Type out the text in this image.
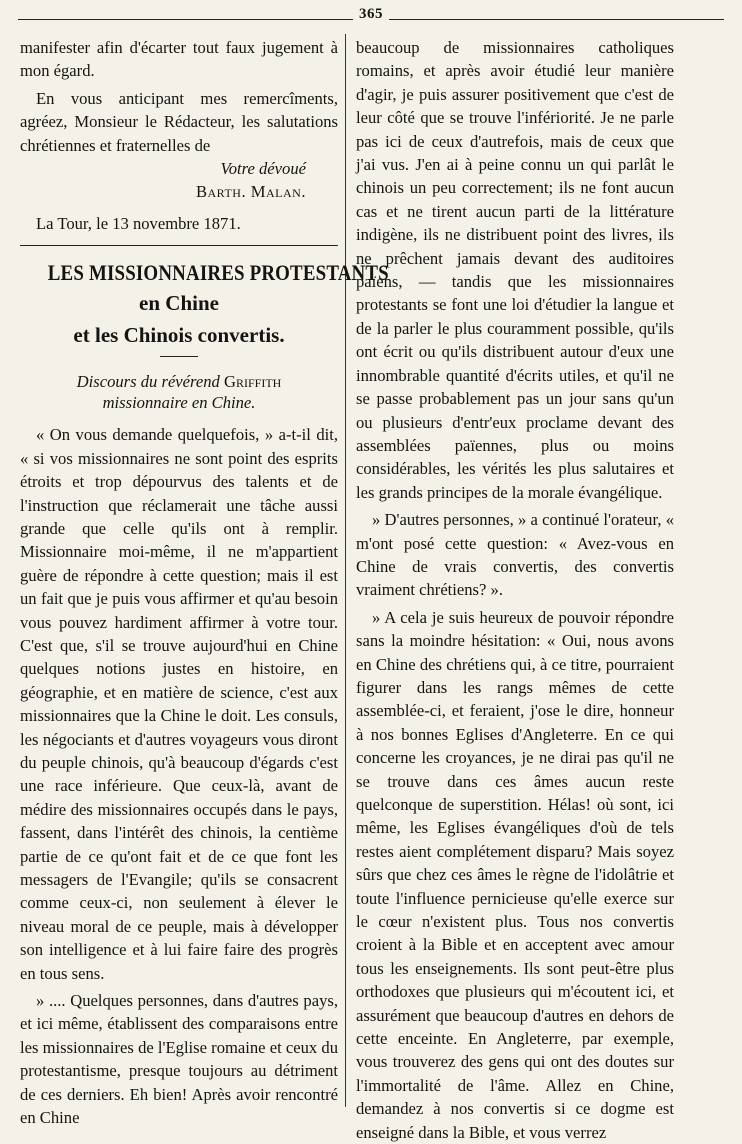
365

manifester afin d'écarter tout faux jugement à mon égard.

En vous anticipant mes remercîments, agréez, Monsieur le Rédacteur, les salutations chrétiennes et fraternelles de

Votre dévoué
Barth. Malan.

La Tour, le 13 novembre 1871.

LES MISSIONNAIRES PROTESTANTS
en Chine
et les Chinois convertis.
Discours du révérend Griffith
missionnaire en Chine.

« On vous demande quelquefois, » a-t-il dit, « si vos missionnaires ne sont point des esprits étroits et trop dépourvus des talents et de l'instruction que réclamerait une tâche aussi grande que celle qu'ils ont à remplir. Missionnaire moi-même, il ne m'appartient guère de répondre à cette question; mais il est un fait que je puis vous affirmer et qu'au besoin vous pouvez hardiment affirmer à votre tour. C'est que, s'il se trouve aujourd'hui en Chine quelques notions justes en histoire, en géographie, et en matière de science, c'est aux missionnaires que la Chine le doit. Les consuls, les négociants et d'autres voyageurs vous diront du peuple chinois, qu'à beaucoup d'égards c'est une race inférieure. Que ceux-là, avant de médire des missionnaires occupés dans le pays, fassent, dans l'intérêt des chinois, la centième partie de ce qu'ont fait et de ce que font les messagers de l'Evangile; qu'ils se consacrent comme ceux-ci, non seulement à élever le niveau moral de ce peuple, mais à développer son intelligence et à lui faire faire des progrès en tous sens.

» .... Quelques personnes, dans d'autres pays, et ici même, établissent des comparaisons entre les missionnaires de l'Eglise romaine et ceux du protestantisme, presque toujours au détriment de ces derniers. Eh bien! Après avoir rencontré en Chine

beaucoup de missionnaires catholiques romains, et après avoir étudié leur manière d'agir, je puis assurer positivement que c'est de leur côté que se trouve l'infériorité. Je ne parle pas ici de ceux d'autrefois, mais de ceux que j'ai vus. J'en ai à peine connu un qui parlât le chinois un peu correctement; ils ne font aucun cas et ne tirent aucun parti de la littérature indigène, ils ne distribuent point des livres, ils ne prêchent jamais devant des auditoires païens, — tandis que les missionnaires protestants se font une loi d'étudier la langue et de la parler le plus couramment possible, qu'ils ont écrit ou qu'ils distribuent autour d'eux une innombrable quantité d'écrits utiles, et qu'il ne se passe probablement pas un jour sans qu'un ou plusieurs d'entr'eux proclame devant des assemblées païennes, plus ou moins considérables, les vérités les plus salutaires et les grands principes de la morale évangélique.

» D'autres personnes, » a continué l'orateur, « m'ont posé cette question: « Avez-vous en Chine de vrais convertis, des convertis vraiment chrétiens? ».

» A cela je suis heureux de pouvoir répondre sans la moindre hésitation: « Oui, nous avons en Chine des chrétiens qui, à ce titre, pourraient figurer dans les rangs mêmes de cette assemblée-ci, et feraient, j'ose le dire, honneur à nos bonnes Eglises d'Angleterre. En ce qui concerne les croyances, je ne dirai pas qu'il ne se trouve dans ces âmes aucun reste quelconque de superstition. Hélas! où sont, ici même, les Eglises évangéliques d'où de tels restes aient complétement disparu? Mais soyez sûrs que chez ces âmes le règne de l'idolâtrie et toute l'influence pernicieuse qu'elle exerce sur le cœur n'existent plus. Tous nos convertis croient à la Bible et en acceptent avec amour tous les enseignements. Ils sont peut-être plus orthodoxes que plusieurs qui m'écoutent ici, et assurément que beaucoup d'autres en dehors de cette enceinte. En Angleterre, par exemple, vous trouverez des gens qui ont des doutes sur l'immortalité de l'âme. Allez en Chine, demandez à nos convertis si ce dogme est enseigné dans la Bible, et vous verrez
